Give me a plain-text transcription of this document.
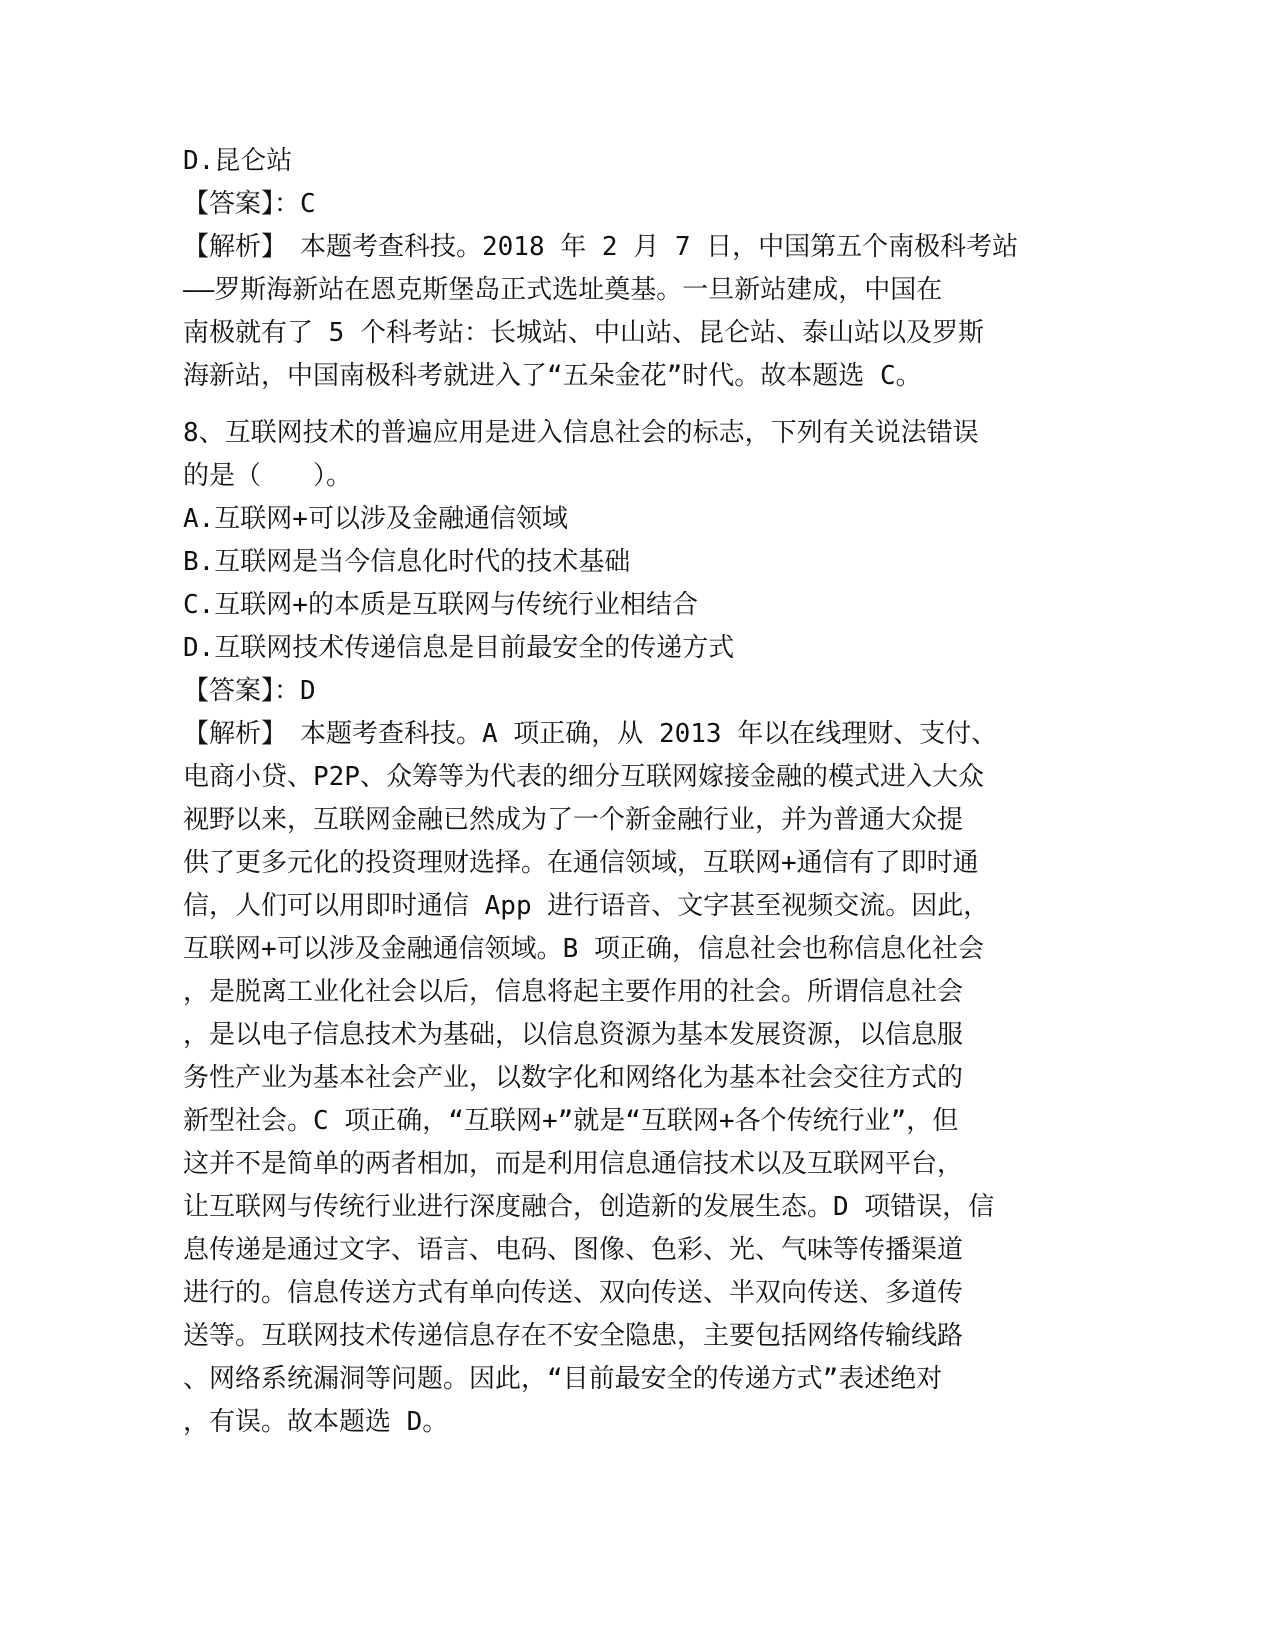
D.昆仑站
【答案】：C
【解析】　本题考查科技。2018 年 2 月 7 日，中国第五个南极科考站
——罗斯海新站在恩克斯堡岛正式选址奠基。一旦新站建成，中国在
南极就有了 5 个科考站：长城站、中山站、昆仑站、泰山站以及罗斯
海新站，中国南极科考就进入了“五朵金花”时代。故本题选 C。
8、互联网技术的普遍应用是进入信息社会的标志，下列有关说法错误
的是（　　）。
A.互联网+可以涉及金融通信领域
B.互联网是当今信息化时代的技术基础
C.互联网+的本质是互联网与传统行业相结合
D.互联网技术传递信息是目前最安全的传递方式
【答案】：D
【解析】　本题考查科技。A 项正确，从 2013 年以在线理财、支付、
电商小贷、P2P、众筹等为代表的细分互联网嫁接金融的模式进入大众
视野以来，互联网金融已然成为了一个新金融行业，并为普通大众提
供了更多元化的投资理财选择。在通信领域，互联网+通信有了即时通
信，人们可以用即时通信 App 进行语音、文字甚至视频交流。因此，
互联网+可以涉及金融通信领域。B 项正确，信息社会也称信息化社会
，是脱离工业化社会以后，信息将起主要作用的社会。所谓信息社会
，是以电子信息技术为基础，以信息资源为基本发展资源，以信息服
务性产业为基本社会产业，以数字化和网络化为基本社会交往方式的
新型社会。C 项正确，“互联网+”就是“互联网+各个传统行业”，但
这并不是简单的两者相加，而是利用信息通信技术以及互联网平台，
让互联网与传统行业进行深度融合，创造新的发展生态。D 项错误，信
息传递是通过文字、语言、电码、图像、色彩、光、气味等传播渠道
进行的。信息传送方式有单向传送、双向传送、半双向传送、多道传
送等。互联网技术传递信息存在不安全隐患，主要包括网络传输线路
、网络系统漏洞等问题。因此，“目前最安全的传递方式”表述绝对
，有误。故本题选 D。
